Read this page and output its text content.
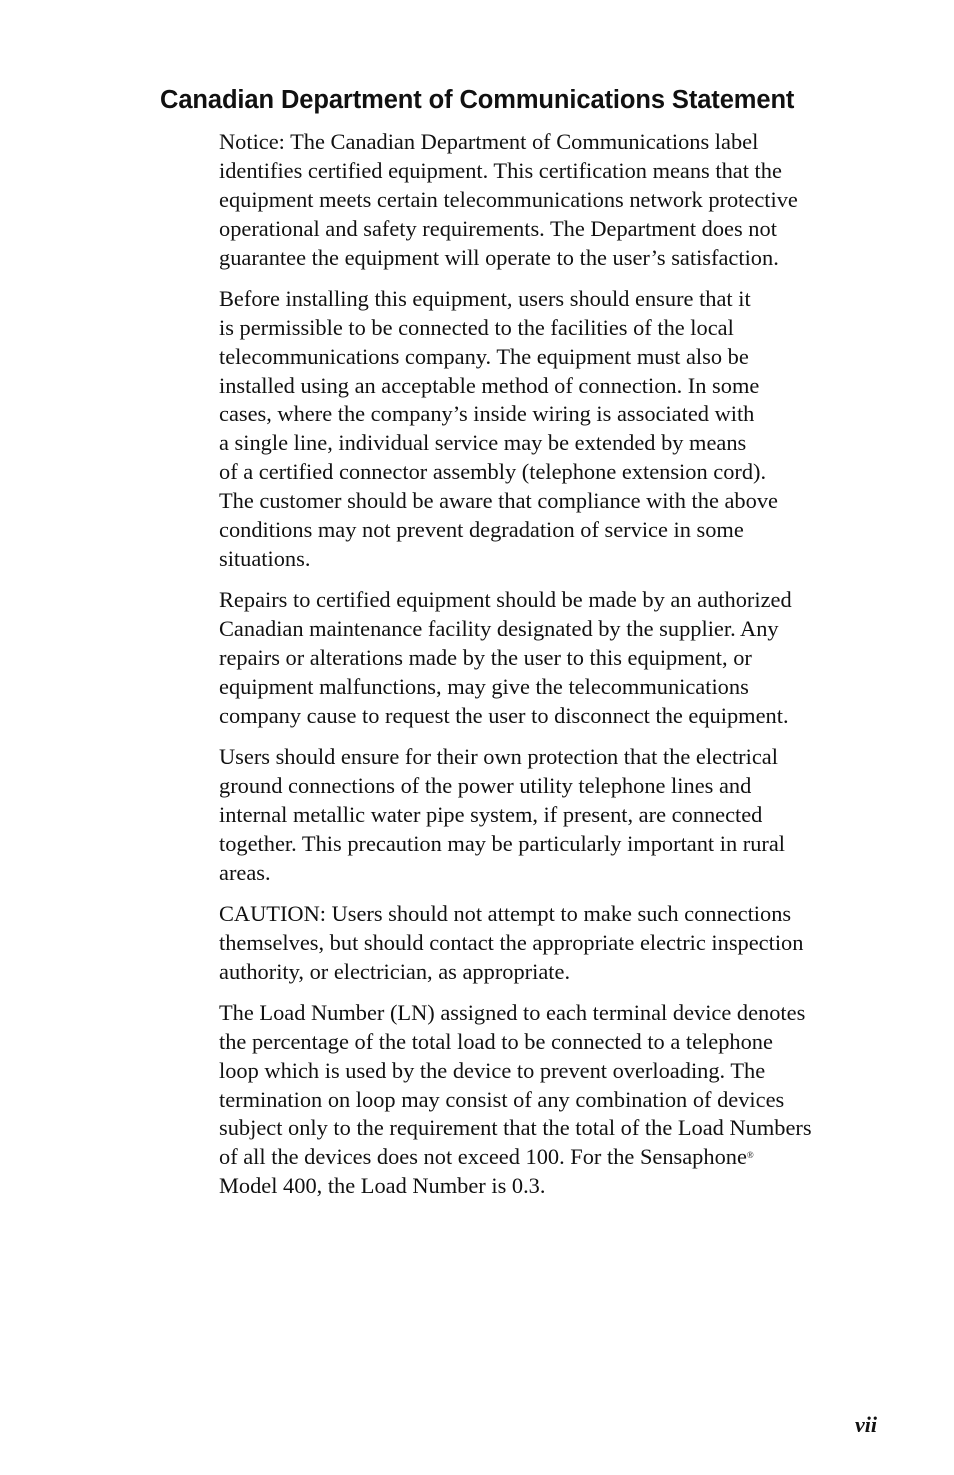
Canadian Department of Communications Statement

Notice: The Canadian Department of Communications label
identifies certified equipment. This certification means that the
equipment meets certain telecommunications network protective
operational and safety requirements. The Department does not
guarantee the equipment will operate to the user’s satisfaction.

Before installing this equipment, users should ensure that it
is permissible to be connected to the facilities of the local
telecommunications company. The equipment must also be
installed using an acceptable method of connection. In some
cases, where the company’s inside wiring is associated with
a single line, individual service may be extended by means
of a certified connector assembly (telephone extension cord).
The customer should be aware that compliance with the above
conditions may not prevent degradation of service in some
situations.

Repairs to certified equipment should be made by an authorized
Canadian maintenance facility designated by the supplier. Any
repairs or alterations made by the user to this equipment, or
equipment malfunctions, may give the telecommunications
company cause to request the user to disconnect the equipment.

Users should ensure for their own protection that the electrical
ground connections of the power utility telephone lines and
internal metallic water pipe system, if present, are connected
together. This precaution may be particularly important in rural
areas.

CAUTION: Users should not attempt to make such connections
themselves, but should contact the appropriate electric inspection
authority, or electrician, as appropriate.

The Load Number (LN) assigned to each terminal device denotes
the percentage of the total load to be connected to a telephone
loop which is used by the device to prevent overloading. The
termination on loop may consist of any combination of devices
subject only to the requirement that the total of the Load Numbers
of all the devices does not exceed 100. For the Sensaphone®
Model 400, the Load Number is 0.3.

vii
